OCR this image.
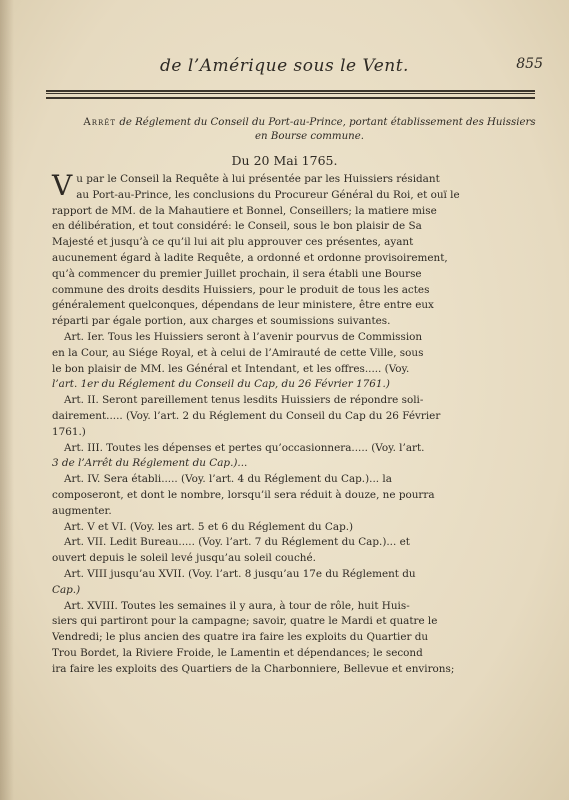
de l’Amérique sous le Vent.	855
Arrêt de Réglement du Conseil du Port-au-Prince, portant établissement des Huissiers en Bourse commune.
Du 20 Mai 1765.
V u par le Conseil la Requête à lui présentée par les Huissiers résidant
au Port-au-Prince, les conclusions du Procureur Général du Roi, et ouï le
rapport de MM. de la Mahautiere et Bonnel, Conseillers; la matiere mise
en délibération, et tout considéré: le Conseil, sous le bon plaisir de Sa
Majesté et jusqu’à ce qu’il lui ait plu approuver ces présentes, ayant
aucunement égard à ladite Requête, a ordonné et ordonne provisoirement,
qu’à commencer du premier Juillet prochain, il sera établi une Bourse
commune des droits desdits Huissiers, pour le produit de tous les actes
généralement quelconques, dépendans de leur ministere, être entre eux
réparti par égale portion, aux charges et soumissions suivantes.
Art. Ier. Tous les Huissiers seront à l’avenir pourvus de Commission
en la Cour, au Siége Royal, et à celui de l’Amirauté de cette Ville, sous
le bon plaisir de MM. les Général et Intendant, et les offres..... (Voy.
l’art. 1er du Réglement du Conseil du Cap, du 26 Février 1761.)
Art. II. Seront pareillement tenus lesdits Huissiers de répondre soli-
dairement..... (Voy. l’art. 2 du Réglement du Conseil du Cap du 26 Février
1761.)
Art. III. Toutes les dépenses et pertes qu’occasionnera..... (Voy. l’art.
3 de l’Arrêt du Réglement du Cap.)...
Art. IV. Sera établi..... (Voy. l’art. 4 du Réglement du Cap.)... la
composeront, et dont le nombre, lorsqu’il sera réduit à douze, ne pourra
augmenter.
Art. V et VI. (Voy. les art. 5 et 6 du Réglement du Cap.)
Art. VII. Ledit Bureau..... (Voy. l’art. 7 du Réglement du Cap.)... et
ouvert depuis le soleil levé jusqu’au soleil couché.
Art. VIII jusqu’au XVII. (Voy. l’art. 8 jusqu’au 17e du Réglement du
Cap.)
Art. XVIII. Toutes les semaines il y aura, à tour de rôle, huit Huis-
siers qui partiront pour la campagne; savoir, quatre le Mardi et quatre le
Vendredi; le plus ancien des quatre ira faire les exploits du Quartier du
Trou Bordet, la Riviere Froide, le Lamentin et dépendances; le second
ira faire les exploits des Quartiers de la Charbonniere, Bellevue et environs;
